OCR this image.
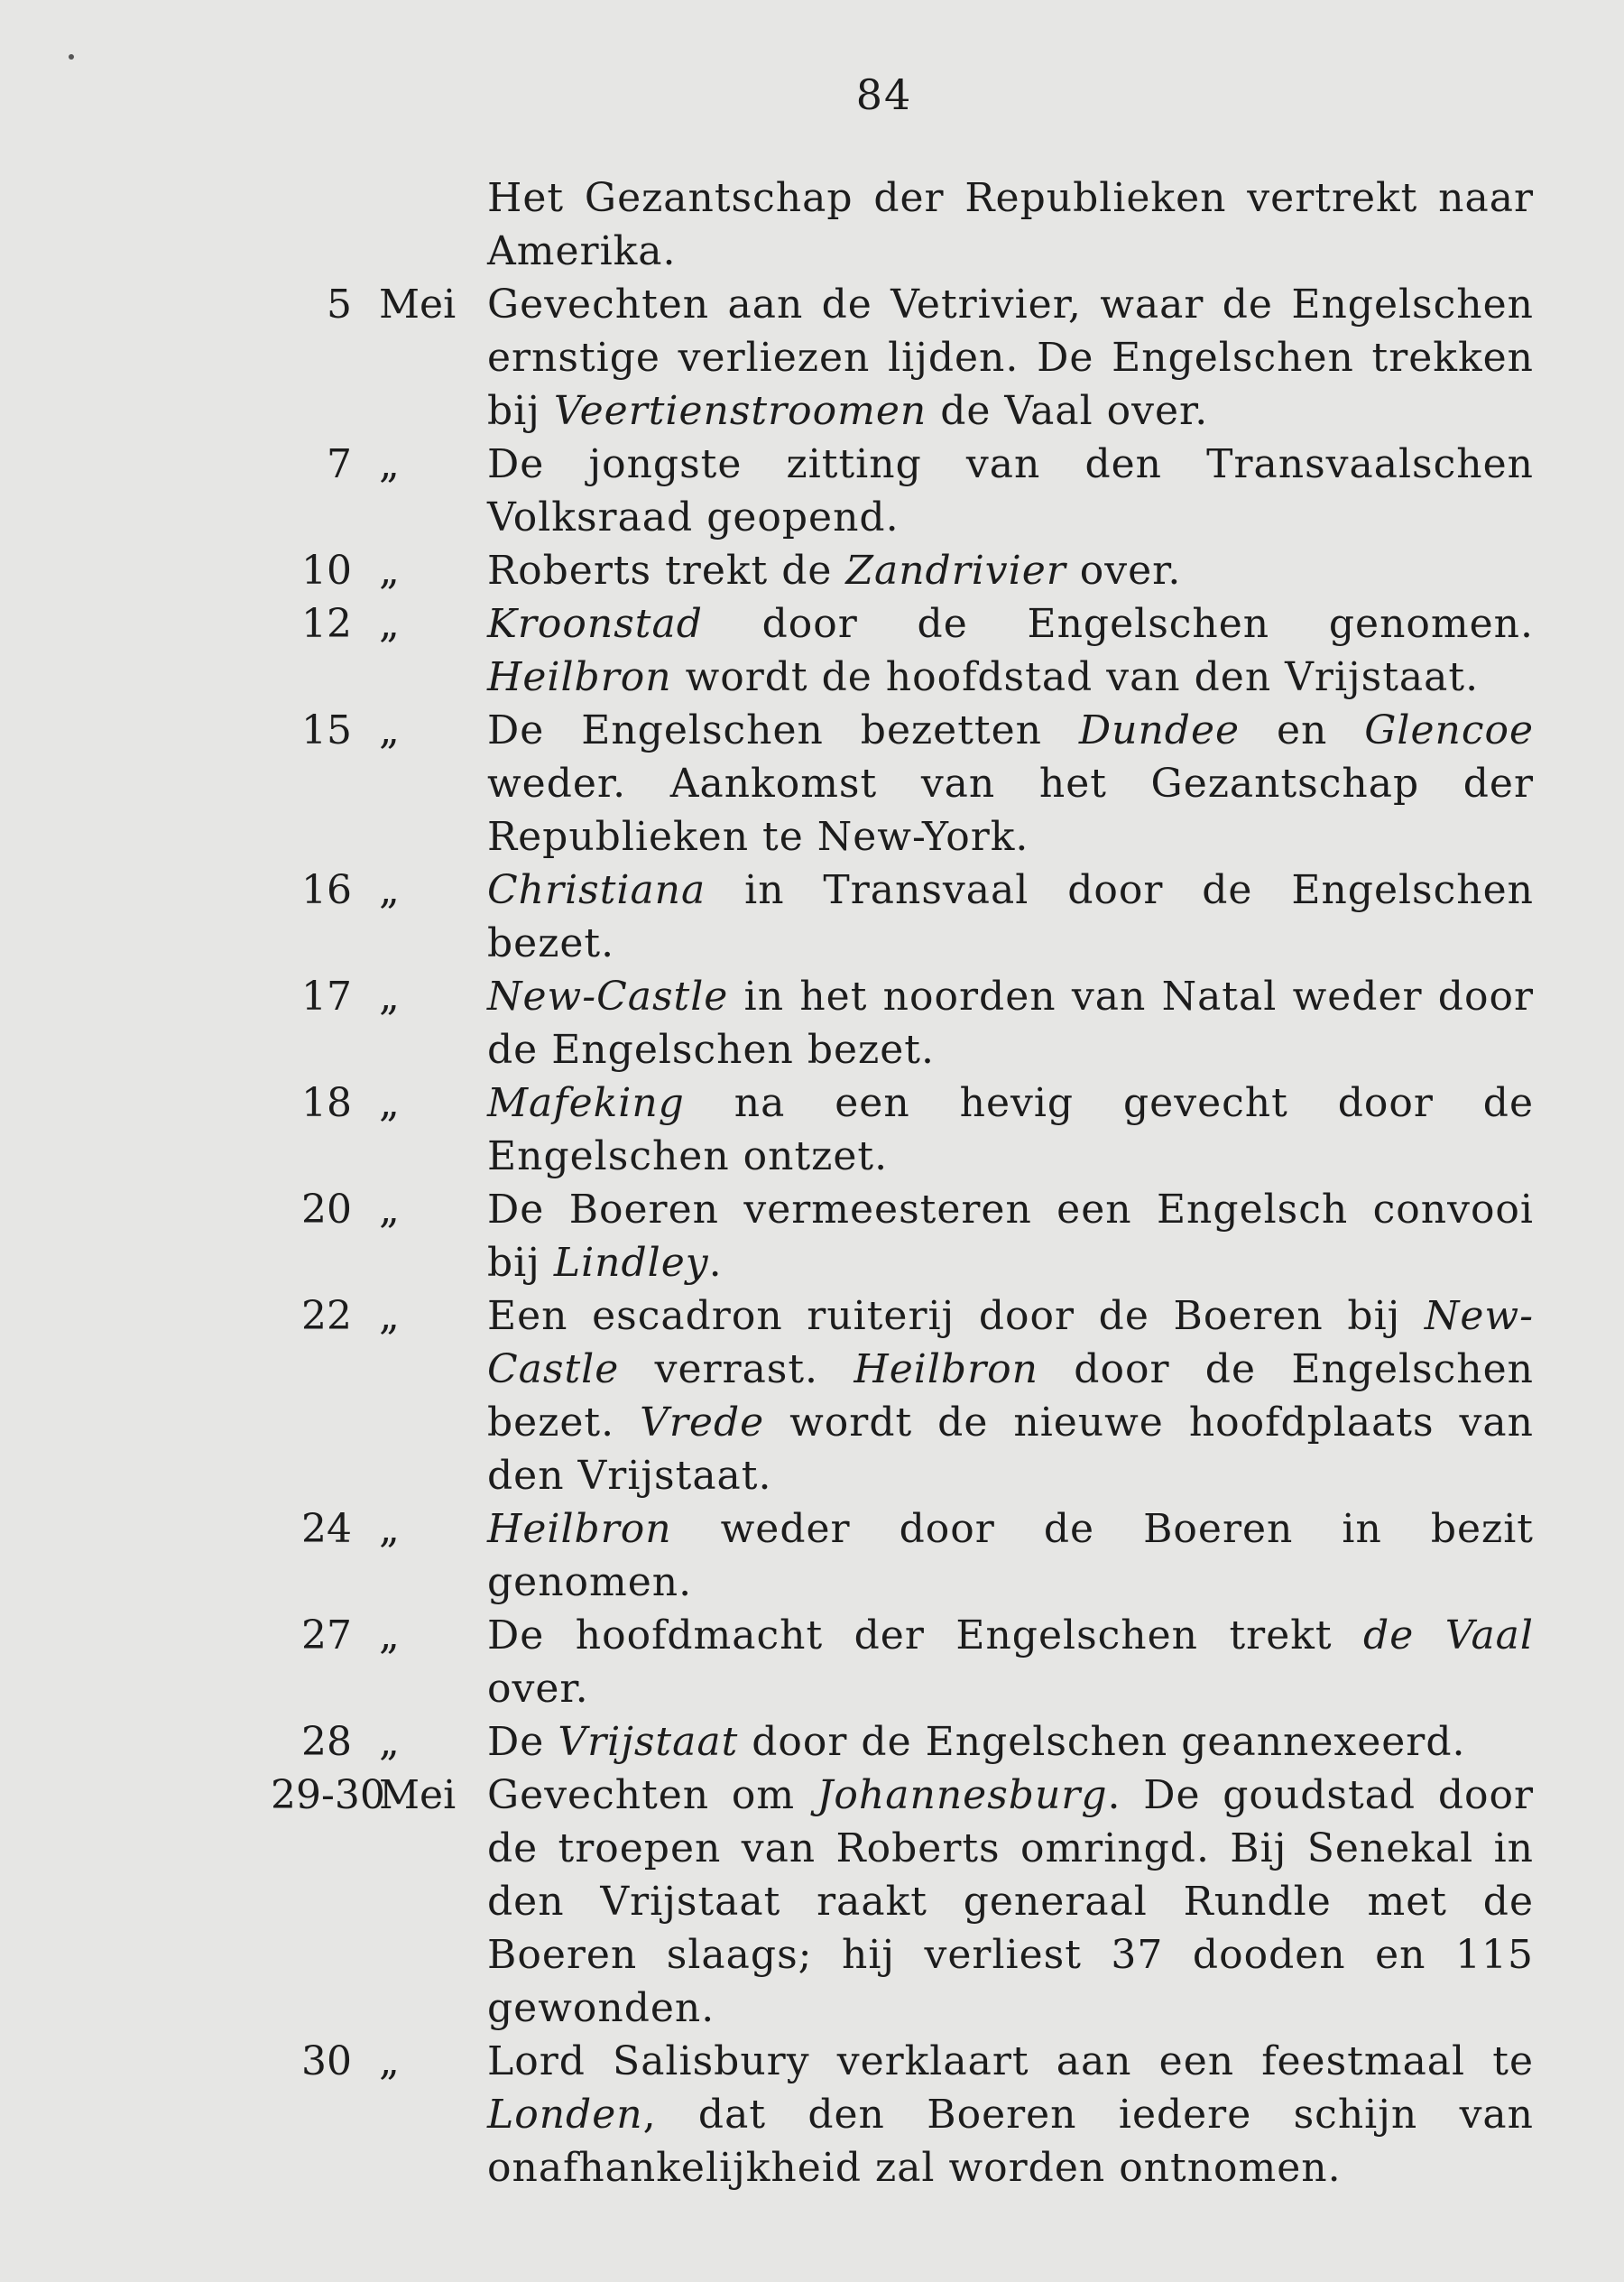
84
Het Gezantschap der Republieken vertrekt naar Amerika.
5 Mei Gevechten aan de Vetrivier, waar de Engelschen ernstige verliezen lijden. De Engelschen trekken bij Veertienstroomen de Vaal over.
7 „	De jongste zitting van den Transvaalschen Volksraad geopend.
10 „	Roberts trekt de Zandrivier over.
12 „	Kroonstad door de Engelschen genomen. Heilbron wordt de hoofdstad van den Vrijstaat.
15 „	De Engelschen bezetten Dundee en Glencoe weder. Aankomst van het Gezantschap der Republieken te New-York.
16 „	Christiana in Transvaal door de Engelschen bezet.
17 „	New-Castle in het noorden van Natal weder door de Engelschen bezet.
18 „	Mafeking na een hevig gevecht door de Engelschen ontzet.
20 „	De Boeren vermeesteren een Engelsch convooi bij Lindley.
22 „	Een escadron ruiterij door de Boeren bij New-Castle verrast. Heilbron door de Engelschen bezet. Vrede wordt de nieuwe hoofdplaats van den Vrijstaat.
24 „	Heilbron weder door de Boeren in bezit genomen.
27 „	De hoofdmacht der Engelschen trekt de Vaal over.
28 „	De Vrijstaat door de Engelschen geannexeerd.
29-30Mei Gevechten om Johannesburg. De goudstad door de troepen van Roberts omringd. Bij Senekal in den Vrijstaat raakt generaal Rundle met de Boeren slaags; hij verliest 37 dooden en 115 gewonden.
30 „	Lord Salisbury verklaart aan een feestmaal te Londen, dat den Boeren iedere schijn van onafhankelijkheid zal worden ontnomen.
